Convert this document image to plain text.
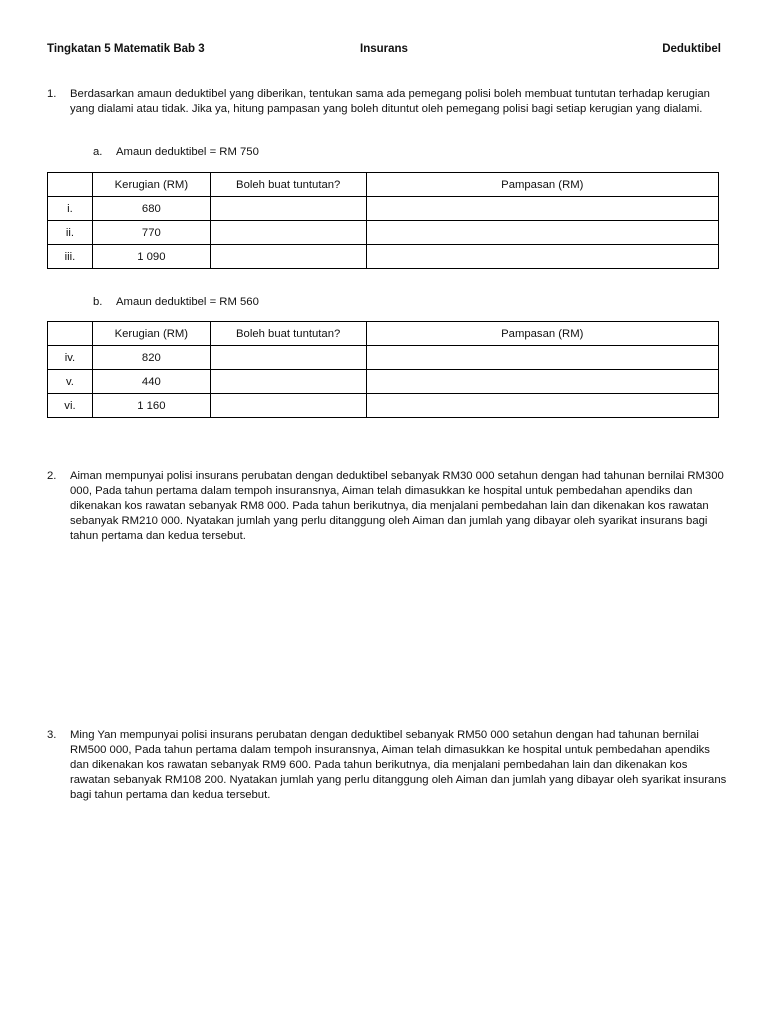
Tingkatan 5 Matematik Bab 3	Insurans	Deduktibel
1. Berdasarkan amaun deduktibel yang diberikan, tentukan sama ada pemegang polisi boleh membuat tuntutan terhadap kerugian yang dialami atau tidak. Jika ya, hitung pampasan yang boleh dituntut oleh pemegang polisi bagi setiap kerugian yang dialami.
a. Amaun deduktibel = RM 750
	Kerugian (RM)	Boleh buat tuntutan?	Pampasan (RM)
i.	680		
ii.	770		
iii.	1 090		
b. Amaun deduktibel = RM 560
	Kerugian (RM)	Boleh buat tuntutan?	Pampasan (RM)
iv.	820		
v.	440		
vi.	1 160		
2. Aiman mempunyai polisi insurans perubatan dengan deduktibel sebanyak RM30 000 setahun dengan had tahunan bernilai RM300 000, Pada tahun pertama dalam tempoh insuransnya, Aiman telah dimasukkan ke hospital untuk pembedahan apendiks dan dikenakan kos rawatan sebanyak RM8 000. Pada tahun berikutnya, dia menjalani pembedahan lain dan dikenakan kos rawatan sebanyak RM210 000. Nyatakan jumlah yang perlu ditanggung oleh Aiman dan jumlah yang dibayar oleh syarikat insurans bagi tahun pertama dan kedua tersebut.
3. Ming Yan mempunyai polisi insurans perubatan dengan deduktibel sebanyak RM50 000 setahun dengan had tahunan bernilai RM500 000, Pada tahun pertama dalam tempoh insuransnya, Aiman telah dimasukkan ke hospital untuk pembedahan apendiks dan dikenakan kos rawatan sebanyak RM9 600. Pada tahun berikutnya, dia menjalani pembedahan lain dan dikenakan kos rawatan sebanyak RM108 200. Nyatakan jumlah yang perlu ditanggung oleh Aiman dan jumlah yang dibayar oleh syarikat insurans bagi tahun pertama dan kedua tersebut.
